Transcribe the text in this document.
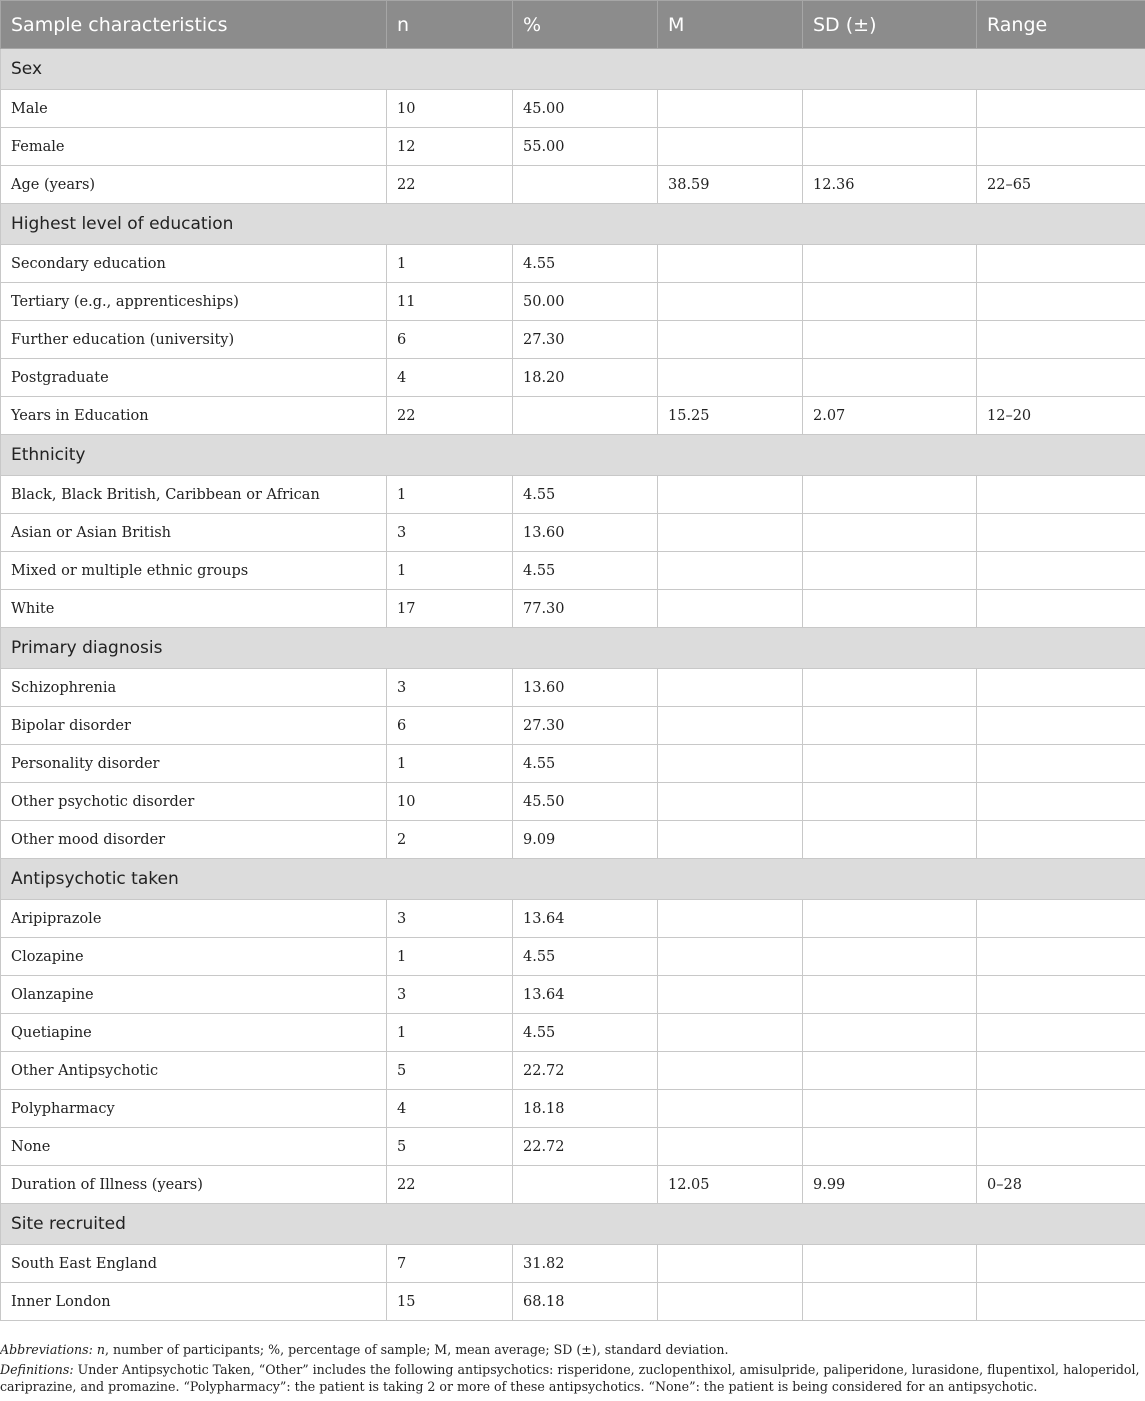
Sample characteristics	n	%	M	SD (±)	Range
Sex					
Male	10	45.00			
Female	12	55.00			
Age (years)	22		38.59	12.36	22–65
Highest level of education					
Secondary education	1	4.55			
Tertiary (e.g., apprenticeships)	11	50.00			
Further education (university)	6	27.30			
Postgraduate	4	18.20			
Years in Education	22		15.25	2.07	12–20
Ethnicity					
Black, Black British, Caribbean or African	1	4.55			
Asian or Asian British	3	13.60			
Mixed or multiple ethnic groups	1	4.55			
White	17	77.30			
Primary diagnosis					
Schizophrenia	3	13.60			
Bipolar disorder	6	27.30			
Personality disorder	1	4.55			
Other psychotic disorder	10	45.50			
Other mood disorder	2	9.09			
Antipsychotic taken					
Aripiprazole	3	13.64			
Clozapine	1	4.55			
Olanzapine	3	13.64			
Quetiapine	1	4.55			
Other Antipsychotic	5	22.72			
Polypharmacy	4	18.18			
None	5	22.72			
Duration of Illness (years)	22		12.05	9.99	0–28
Site recruited					
South East England	7	31.82			
Inner London	15	68.18			

Abbreviations: n, number of participants; %, percentage of sample; M, mean average; SD (±), standard deviation.

Definitions: Under Antipsychotic Taken, “Other” includes the following antipsychotics: risperidone, zuclopenthixol, amisulpride, paliperidone, lurasidone, flupentixol, haloperidol, cariprazine, and promazine. “Polypharmacy”: the patient is taking 2 or more of these antipsychotics. “None”: the patient is being considered for an antipsychotic.
